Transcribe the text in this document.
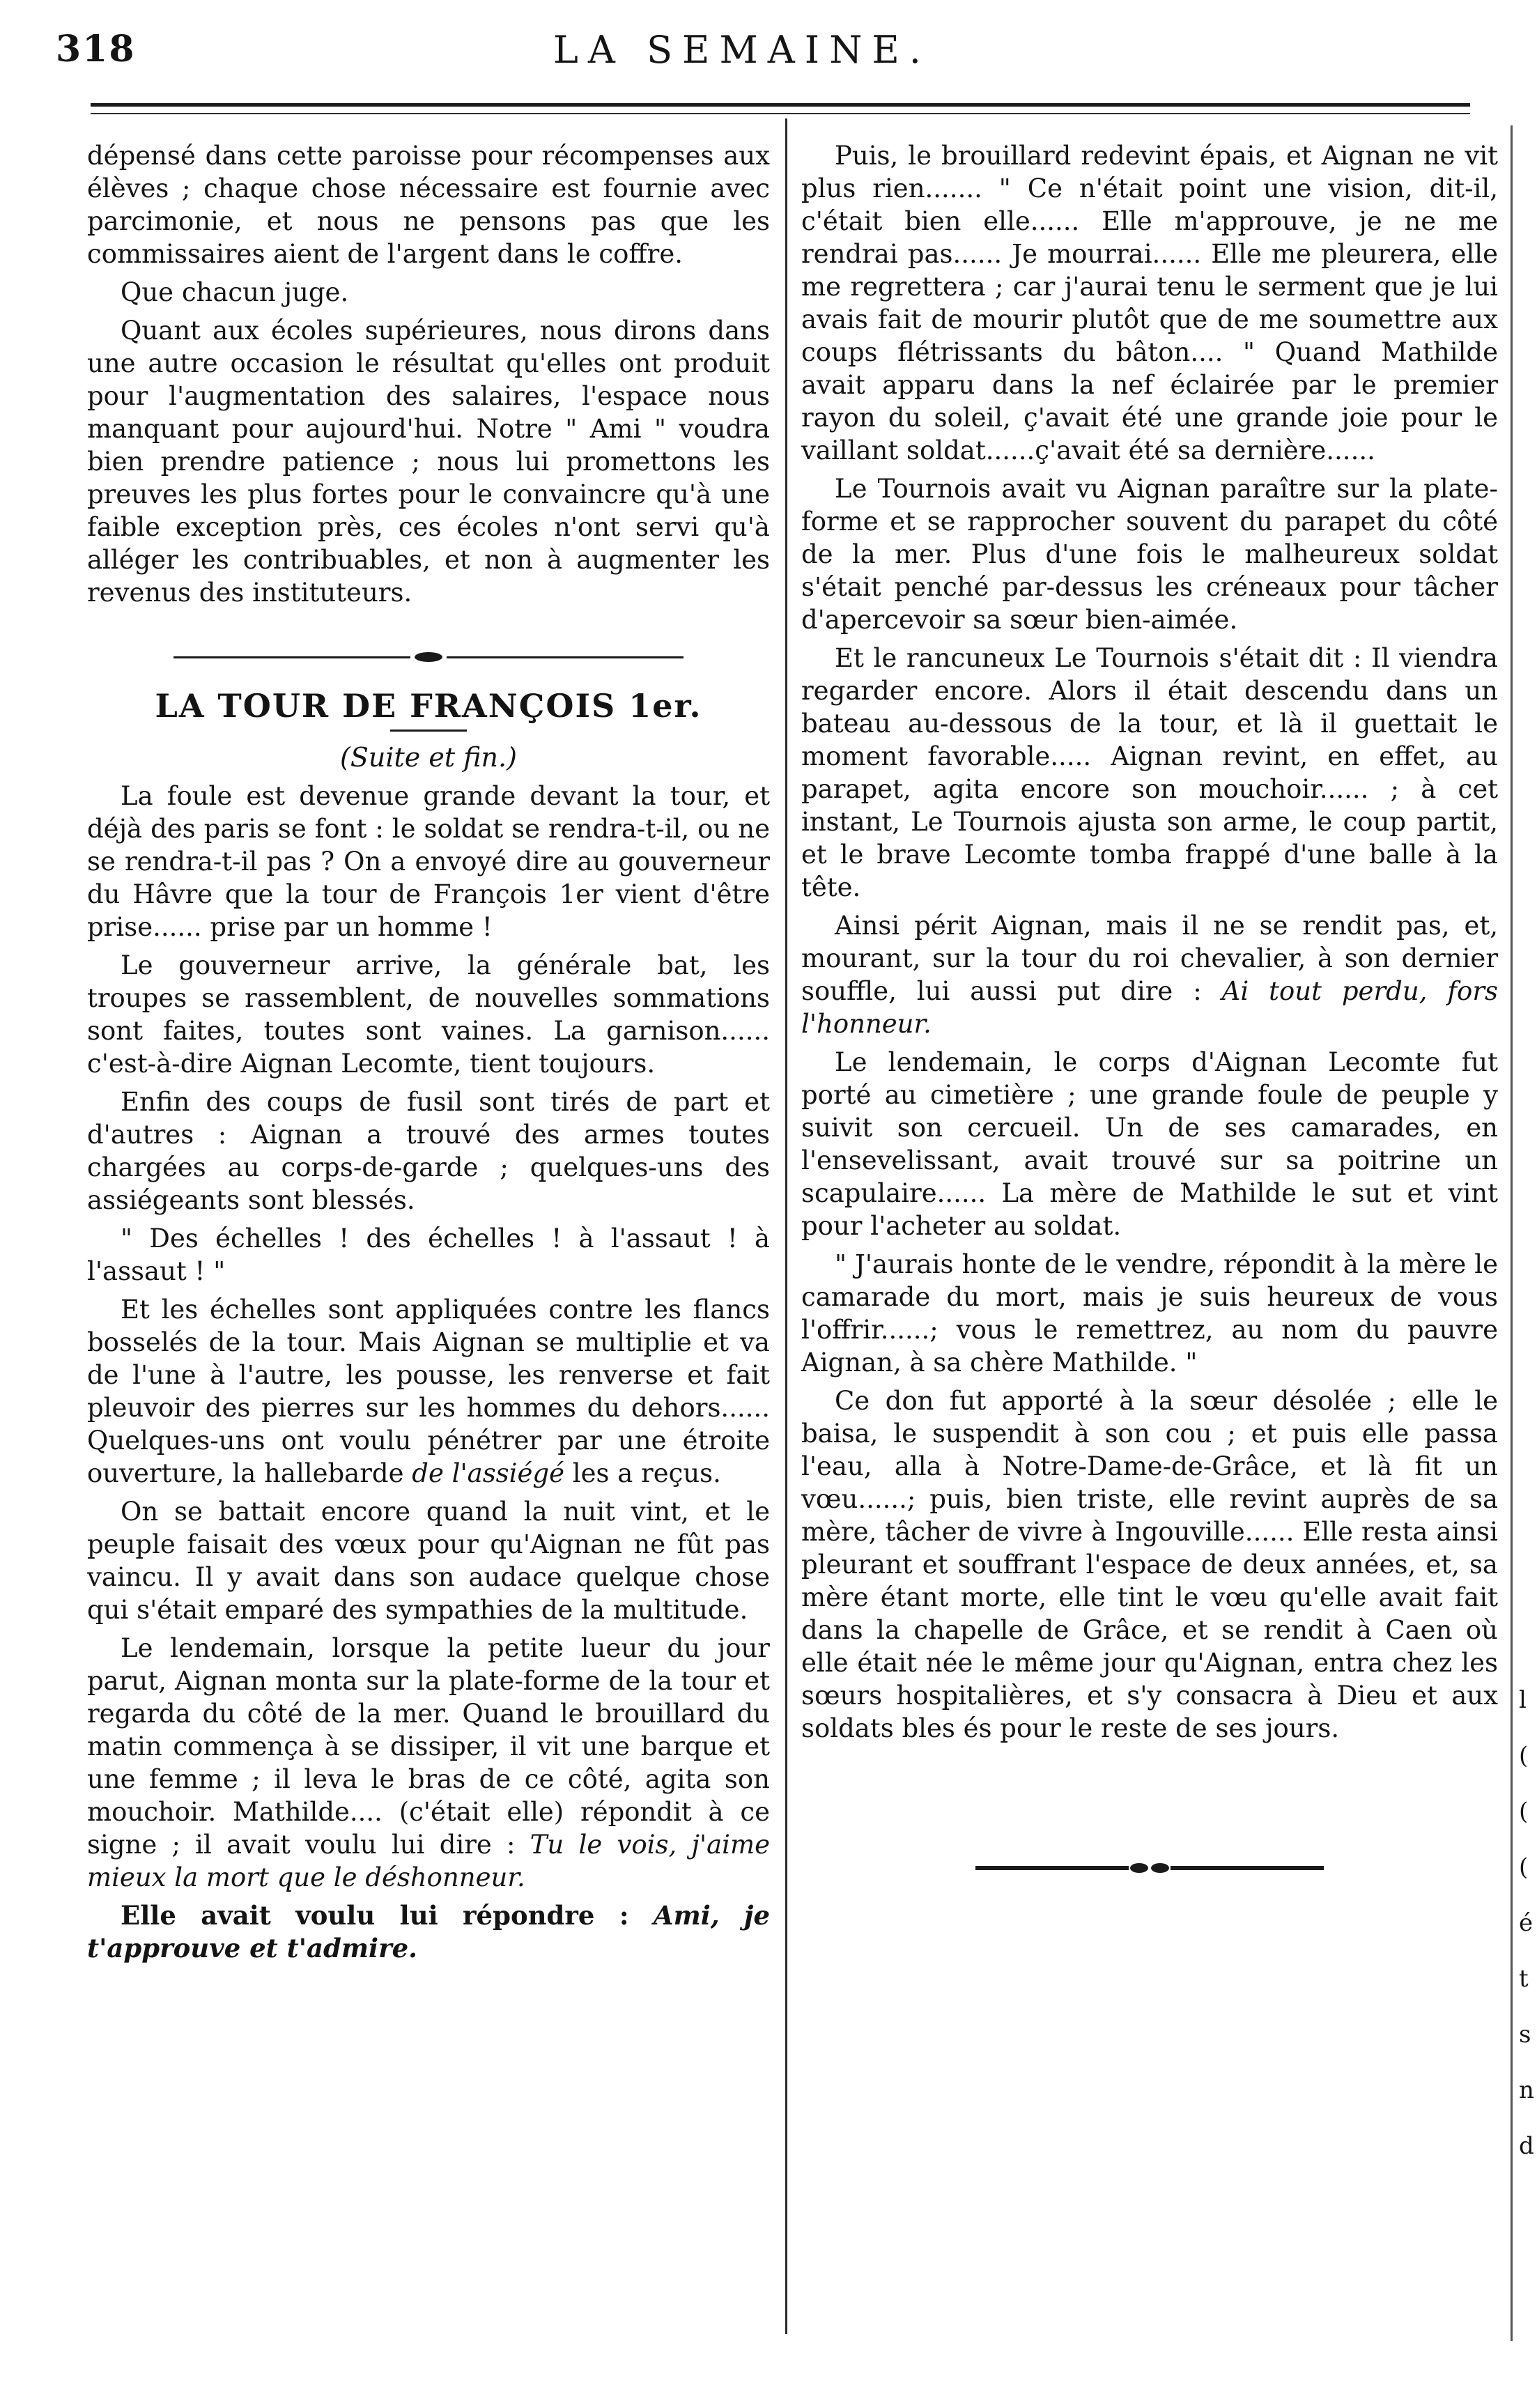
318	LA SEMAINE.

dépensé dans cette paroisse pour récompenses aux élèves ; chaque chose nécessaire est fournie avec parcimonie, et nous ne pensons pas que les commissaires aient de l'argent dans le coffre.

Que chacun juge.

Quant aux écoles supérieures, nous dirons dans une autre occasion le résultat qu'elles ont produit pour l'augmentation des salaires, l'espace nous manquant pour aujourd'hui. Notre " Ami " voudra bien prendre patience ; nous lui promettons les preuves les plus fortes pour le convaincre qu'à une faible exception près, ces écoles n'ont servi qu'à alléger les contribuables, et non à augmenter les revenus des instituteurs.

LA TOUR DE FRANÇOIS 1er.
(Suite et fin.)

La foule est devenue grande devant la tour, et déjà des paris se font : le soldat se rendra-t-il, ou ne se rendra-t-il pas ? On a envoyé dire au gouverneur du Hâvre que la tour de François 1er vient d'être prise...... prise par un homme !

Le gouverneur arrive, la générale bat, les troupes se rassemblent, de nouvelles sommations sont faites, toutes sont vaines. La garnison...... c'est-à-dire Aignan Lecomte, tient toujours.

Enfin des coups de fusil sont tirés de part et d'autres : Aignan a trouvé des armes toutes chargées au corps-de-garde ; quelques-uns des assiégeants sont blessés.

" Des échelles ! des échelles ! à l'assaut ! à l'assaut ! "

Et les échelles sont appliquées contre les flancs bosselés de la tour. Mais Aignan se multiplie et va de l'une à l'autre, les pousse, les renverse et fait pleuvoir des pierres sur les hommes du dehors...... Quelques-uns ont voulu pénétrer par une étroite ouverture, la hallebarde de l'assiégé les a reçus.

On se battait encore quand la nuit vint, et le peuple faisait des vœux pour qu'Aignan ne fût pas vaincu. Il y avait dans son audace quelque chose qui s'était emparé des sympathies de la multitude.

Le lendemain, lorsque la petite lueur du jour parut, Aignan monta sur la plate-forme de la tour et regarda du côté de la mer. Quand le brouillard du matin commença à se dissiper, il vit une barque et une femme ; il leva le bras de ce côté, agita son mouchoir. Mathilde.... (c'était elle) répondit à ce signe ; il avait voulu lui dire : Tu le vois, j'aime mieux la mort que le déshonneur.

Elle avait voulu lui répondre : Ami, je t'approuve et t'admire.

Puis, le brouillard redevint épais, et Aignan ne vit plus rien....... " Ce n'était point une vision, dit-il, c'était bien elle...... Elle m'approuve, je ne me rendrai pas...... Je mourrai...... Elle me pleurera, elle me regrettera ; car j'aurai tenu le serment que je lui avais fait de mourir plutôt que de me soumettre aux coups flétrissants du bâton.... " Quand Mathilde avait apparu dans la nef éclairée par le premier rayon du soleil, ç'avait été une grande joie pour le vaillant soldat......ç'avait été sa dernière......

Le Tournois avait vu Aignan paraître sur la plate-forme et se rapprocher souvent du parapet du côté de la mer. Plus d'une fois le malheureux soldat s'était penché par-dessus les créneaux pour tâcher d'apercevoir sa sœur bien-aimée.

Et le rancuneux Le Tournois s'était dit : Il viendra regarder encore. Alors il était descendu dans un bateau au-dessous de la tour, et là il guettait le moment favorable..... Aignan revint, en effet, au parapet, agita encore son mouchoir...... ; à cet instant, Le Tournois ajusta son arme, le coup partit, et le brave Lecomte tomba frappé d'une balle à la tête.

Ainsi périt Aignan, mais il ne se rendit pas, et, mourant, sur la tour du roi chevalier, à son dernier souffle, lui aussi put dire : Ai tout perdu, fors l'honneur.

Le lendemain, le corps d'Aignan Lecomte fut porté au cimetière ; une grande foule de peuple y suivit son cercueil. Un de ses camarades, en l'ensevelissant, avait trouvé sur sa poitrine un scapulaire...... La mère de Mathilde le sut et vint pour l'acheter au soldat.

" J'aurais honte de le vendre, répondit à la mère le camarade du mort, mais je suis heureux de vous l'offrir......; vous le remettrez, au nom du pauvre Aignan, à sa chère Mathilde. "

Ce don fut apporté à la sœur désolée ; elle le baisa, le suspendit à son cou ; et puis elle passa l'eau, alla à Notre-Dame-de-Grâce, et là fit un vœu......; puis, bien triste, elle revint auprès de sa mère, tâcher de vivre à Ingouville...... Elle resta ainsi pleurant et souffrant l'espace de deux années, et, sa mère étant morte, elle tint le vœu qu'elle avait fait dans la chapelle de Grâce, et se rendit à Caen où elle était née le même jour qu'Aignan, entra chez les sœurs hospitalières, et s'y consacra à Dieu et aux soldats bles és pour le reste de ses jours.

l
(
(
(
é
t
s
n
d
